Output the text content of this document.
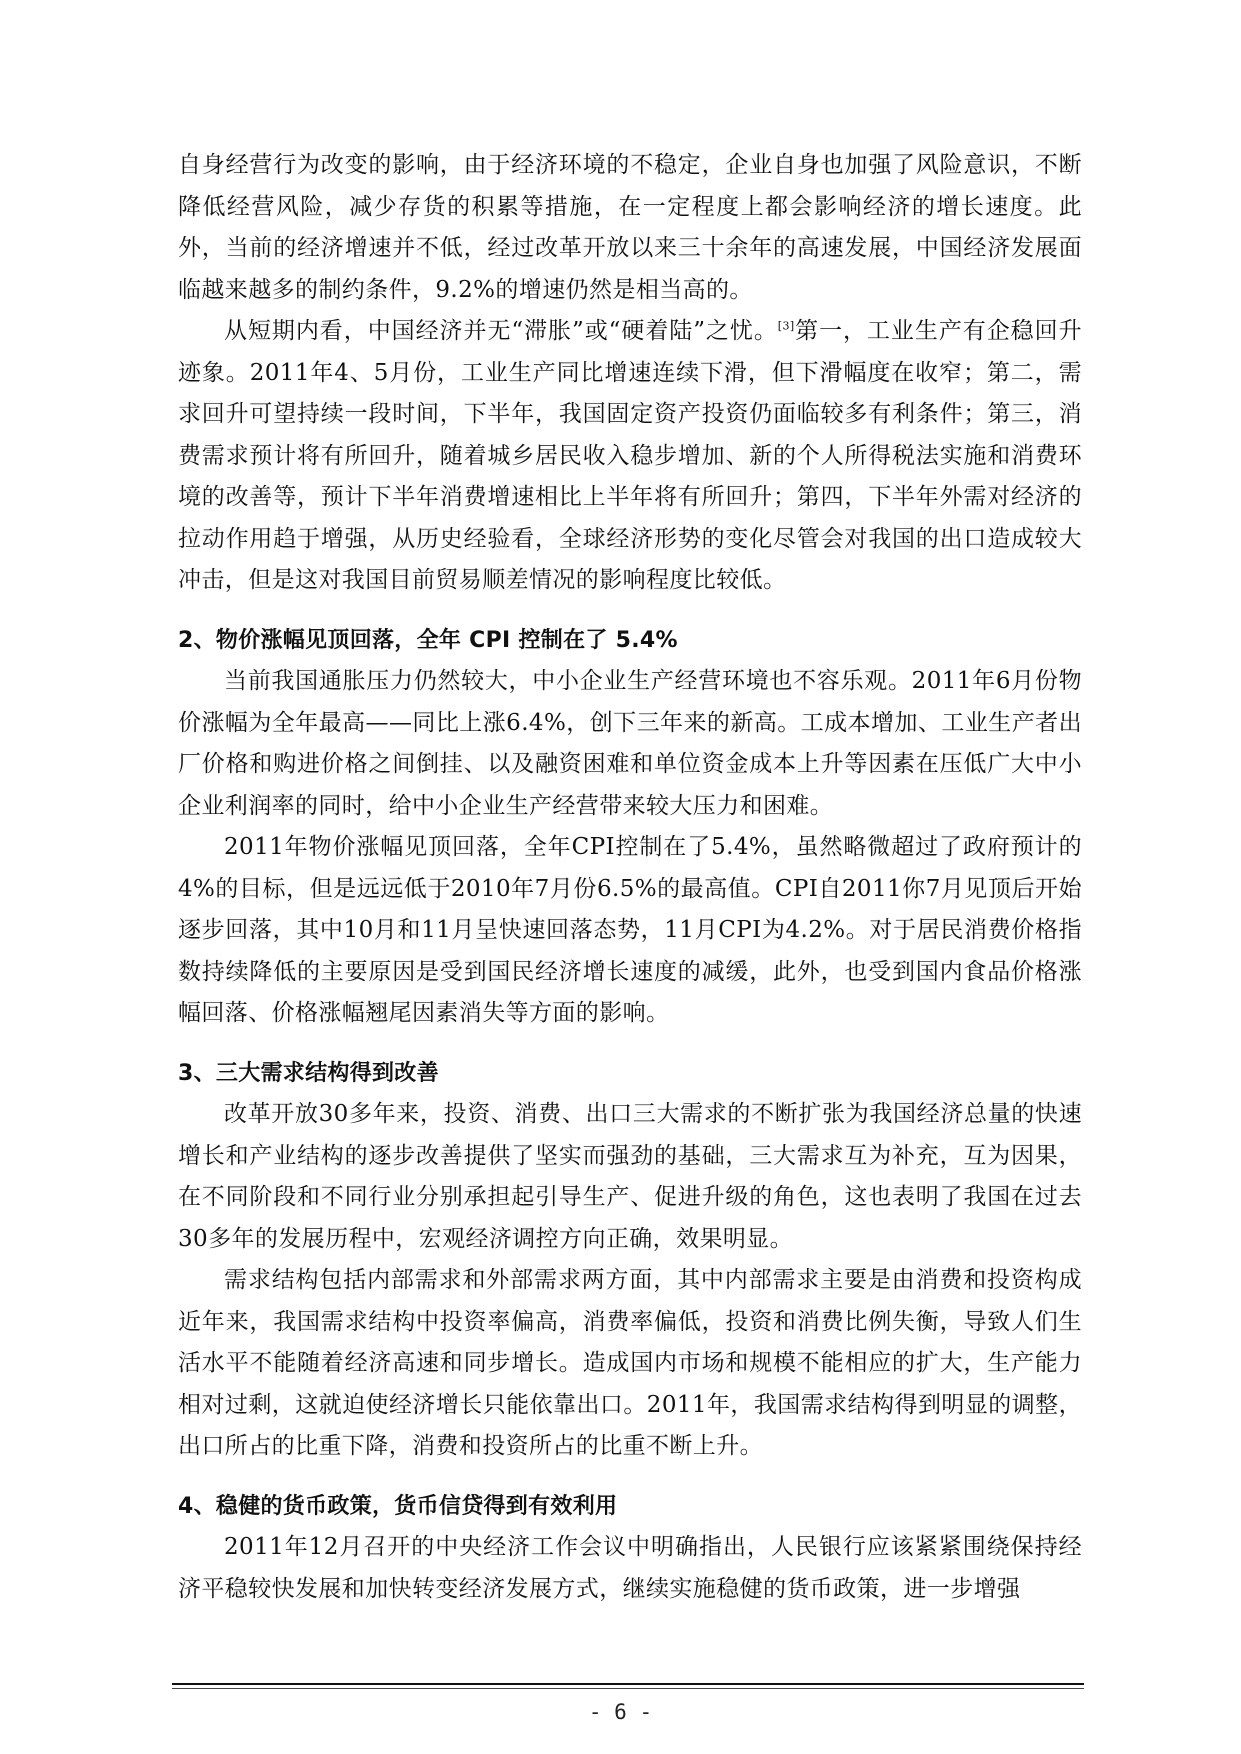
自身经营行为改变的影响，由于经济环境的不稳定，企业自身也加强了风险意识，不断降低经营风险，减少存货的积累等措施，在一定程度上都会影响经济的增长速度。此外，当前的经济增速并不低，经过改革开放以来三十余年的高速发展，中国经济发展面临越来越多的制约条件，9.2%的增速仍然是相当高的。

从短期内看，中国经济并无“滞胀”或“硬着陆”之忧。[3]第一，工业生产有企稳回升迹象。2011年4、5月份，工业生产同比增速连续下滑，但下滑幅度在收窄；第二，需求回升可望持续一段时间，下半年，我国固定资产投资仍面临较多有利条件；第三，消费需求预计将有所回升，随着城乡居民收入稳步增加、新的个人所得税法实施和消费环境的改善等，预计下半年消费增速相比上半年将有所回升；第四，下半年外需对经济的拉动作用趋于增强，从历史经验看，全球经济形势的变化尽管会对我国的出口造成较大冲击，但是这对我国目前贸易顺差情况的影响程度比较低。

2、物价涨幅见顶回落，全年 CPI 控制在了 5.4%

当前我国通胀压力仍然较大，中小企业生产经营环境也不容乐观。2011年6月份物价涨幅为全年最高——同比上涨6.4%，创下三年来的新高。工成本增加、工业生产者出厂价格和购进价格之间倒挂、以及融资困难和单位资金成本上升等因素在压低广大中小企业利润率的同时，给中小企业生产经营带来较大压力和困难。

2011年物价涨幅见顶回落，全年CPI控制在了5.4%，虽然略微超过了政府预计的4%的目标，但是远远低于2010年7月份6.5%的最高值。CPI自2011你7月见顶后开始逐步回落，其中10月和11月呈快速回落态势，11月CPI为4.2%。对于居民消费价格指数持续降低的主要原因是受到国民经济增长速度的减缓，此外，也受到国内食品价格涨幅回落、价格涨幅翘尾因素消失等方面的影响。

3、三大需求结构得到改善

改革开放30多年来，投资、消费、出口三大需求的不断扩张为我国经济总量的快速增长和产业结构的逐步改善提供了坚实而强劲的基础，三大需求互为补充，互为因果，在不同阶段和不同行业分别承担起引导生产、促进升级的角色，这也表明了我国在过去30多年的发展历程中，宏观经济调控方向正确，效果明显。

需求结构包括内部需求和外部需求两方面，其中内部需求主要是由消费和投资构成近年来，我国需求结构中投资率偏高，消费率偏低，投资和消费比例失衡，导致人们生活水平不能随着经济高速和同步增长。造成国内市场和规模不能相应的扩大，生产能力相对过剩，这就迫使经济增长只能依靠出口。2011年，我国需求结构得到明显的调整，出口所占的比重下降，消费和投资所占的比重不断上升。

4、稳健的货币政策，货币信贷得到有效利用

2011年12月召开的中央经济工作会议中明确指出，人民银行应该紧紧围绕保持经济平稳较快发展和加快转变经济发展方式，继续实施稳健的货币政策，进一步增强

- 6 -
